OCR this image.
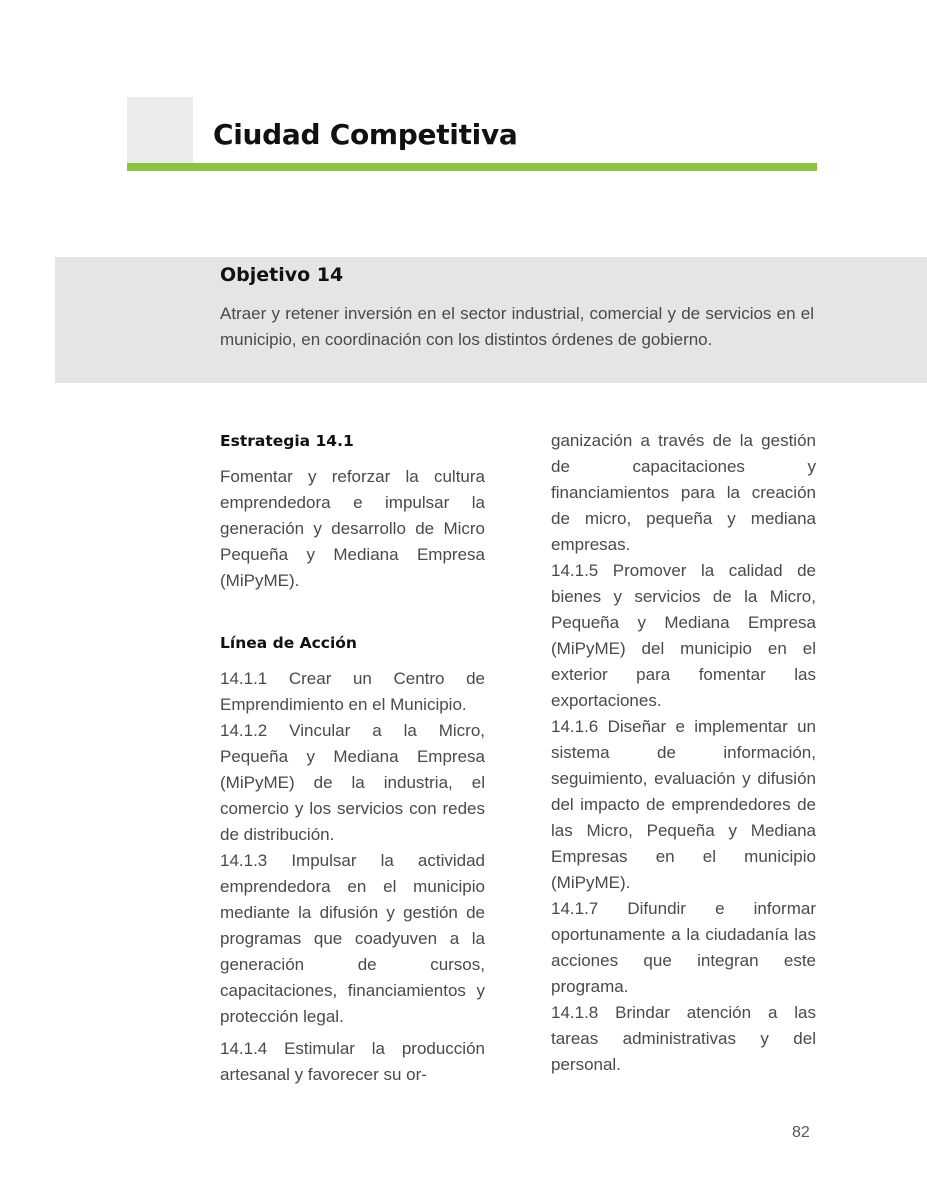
Ciudad Competitiva
Objetivo 14

Atraer y retener inversión en el sector industrial, comercial y de servicios en el municipio, en coordinación con los distintos órdenes de gobierno.

Estrategia 14.1

Fomentar y reforzar la cultura emprendedora e impulsar la generación y desarrollo de Micro Pequeña y Mediana Empresa (MiPyME).

Línea de Acción

14.1.1 Crear un Centro de Emprendimiento en el Municipio.

14.1.2 Vincular a la Micro, Pequeña y Mediana Empresa (MiPyME) de la industria, el comercio y los servicios con redes de distribución.

14.1.3 Impulsar la actividad emprendedora en el municipio mediante la difusión y gestión de programas que coadyuven a la generación de cursos, capacitaciones, financiamientos y protección legal.

14.1.4 Estimular la producción artesanal y favorecer su or-

ganización a través de la gestión de capacitaciones y financiamientos para la creación de micro, pequeña y mediana empresas.

14.1.5 Promover la calidad de bienes y servicios de la Micro, Pequeña y Mediana Empresa (MiPyME) del municipio en el exterior para fomentar las exportaciones.

14.1.6 Diseñar e implementar un sistema de información, seguimiento, evaluación y difusión del impacto de emprendedores de las Micro, Pequeña y Mediana Empresas en el municipio (MiPyME).

14.1.7 Difundir e informar oportunamente a la ciudadanía las acciones que integran este programa.

14.1.8 Brindar atención a las tareas administrativas y del personal.

82
